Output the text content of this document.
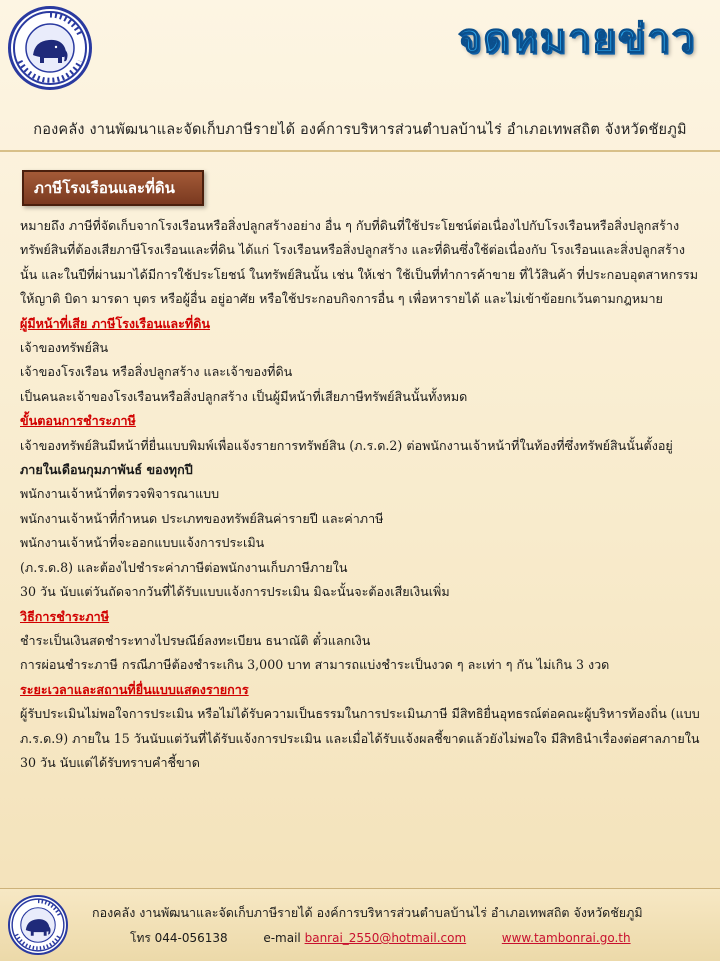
จดหมายข่าว
กองคลัง งานพัฒนาและจัดเก็บภาษีรายได้ องค์การบริหารส่วนตำบลบ้านไร่ อำเภอเทพสถิต จังหวัดชัยภูมิ
ภาษีโรงเรือนและที่ดิน

หมายถึง ภาษีที่จัดเก็บจากโรงเรือนหรือสิ่งปลูกสร้างอย่าง อื่น ๆ กับที่ดินที่ใช้ประโยชน์ต่อเนื่องไปกับโรงเรือนหรือสิ่งปลูกสร้างทรัพย์สินที่ต้องเสียภาษีโรงเรือนและที่ดิน ได้แก่ โรงเรือนหรือสิ่งปลูกสร้าง และที่ดินซึ่งใช้ต่อเนื่องกับ โรงเรือนและสิ่งปลูกสร้างนั้น และในปีที่ผ่านมาได้มีการใช้ประโยชน์ ในทรัพย์สินนั้น เช่น ให้เช่า ใช้เป็นที่ทำการค้าขาย ที่ไว้สินค้า ที่ประกอบอุตสาหกรรม ให้ญาติ บิดา มารดา บุตร หรือผู้อื่น อยู่อาศัย หรือใช้ประกอบกิจการอื่น ๆ เพื่อหารายได้ และไม่เข้าข้อยกเว้นตามกฎหมาย

ผู้มีหน้าที่เสีย ภาษีโรงเรือนและที่ดิน

เจ้าของทรัพย์สิน

เจ้าของโรงเรือน หรือสิ่งปลูกสร้าง และเจ้าของที่ดิน

เป็นคนละเจ้าของโรงเรือนหรือสิ่งปลูกสร้าง เป็นผู้มีหน้าที่เสียภาษีทรัพย์สินนั้นทั้งหมด

ขั้นตอนการชำระภาษี

เจ้าของทรัพย์สินมีหน้าที่ยื่นแบบพิมพ์เพื่อแจ้งรายการทรัพย์สิน (ภ.ร.ด.2) ต่อพนักงานเจ้าหน้าที่ในท้องที่ซึ่งทรัพย์สินนั้นตั้งอยู่ ภายในเดือนกุมภาพันธ์ ของทุกปี

พนักงานเจ้าหน้าที่ตรวจพิจารณาแบบ

พนักงานเจ้าหน้าที่กำหนด ประเภทของทรัพย์สินค่ารายปี และค่าภาษี

พนักงานเจ้าหน้าที่จะออกแบบแจ้งการประเมิน

(ภ.ร.ด.8) และต้องไปชำระค่าภาษีต่อพนักงานเก็บภาษีภายใน

30 วัน นับแต่วันถัดจากวันที่ได้รับแบบแจ้งการประเมิน มิฉะนั้นจะต้องเสียเงินเพิ่ม

วิธีการชำระภาษี

ชำระเป็นเงินสดชำระทางไปรษณีย์ลงทะเบียน ธนาณัติ ตั๋วแลกเงิน

การผ่อนชำระภาษี กรณีภาษีต้องชำระเกิน 3,000 บาท สามารถแบ่งชำระเป็นงวด ๆ ละเท่า ๆ กัน ไม่เกิน 3 งวด

ระยะเวลาและสถานที่ยื่นแบบแสดงรายการ

ผู้รับประเมินไม่พอใจการประเมิน หรือไม่ได้รับความเป็นธรรมในการประเมินภาษี มีสิทธิยื่นอุทธรณ์ต่อคณะผู้บริหารท้องถิ่น (แบบ ภ.ร.ด.9) ภายใน 15 วันนับแต่วันที่ได้รับแจ้งการประเมิน และเมื่อได้รับแจ้งผลชี้ขาดแล้วยังไม่พอใจ มีสิทธินำเรื่องต่อศาลภายใน 30 วัน นับแต่ได้รับทราบคำชี้ขาด

กองคลัง งานพัฒนาและจัดเก็บภาษีรายได้ องค์การบริหารส่วนตำบลบ้านไร่ อำเภอเทพสถิต จังหวัดชัยภูมิ
โทร 044-056138	e-mail banrai_2550@hotmail.com	www.tambonrai.go.th
